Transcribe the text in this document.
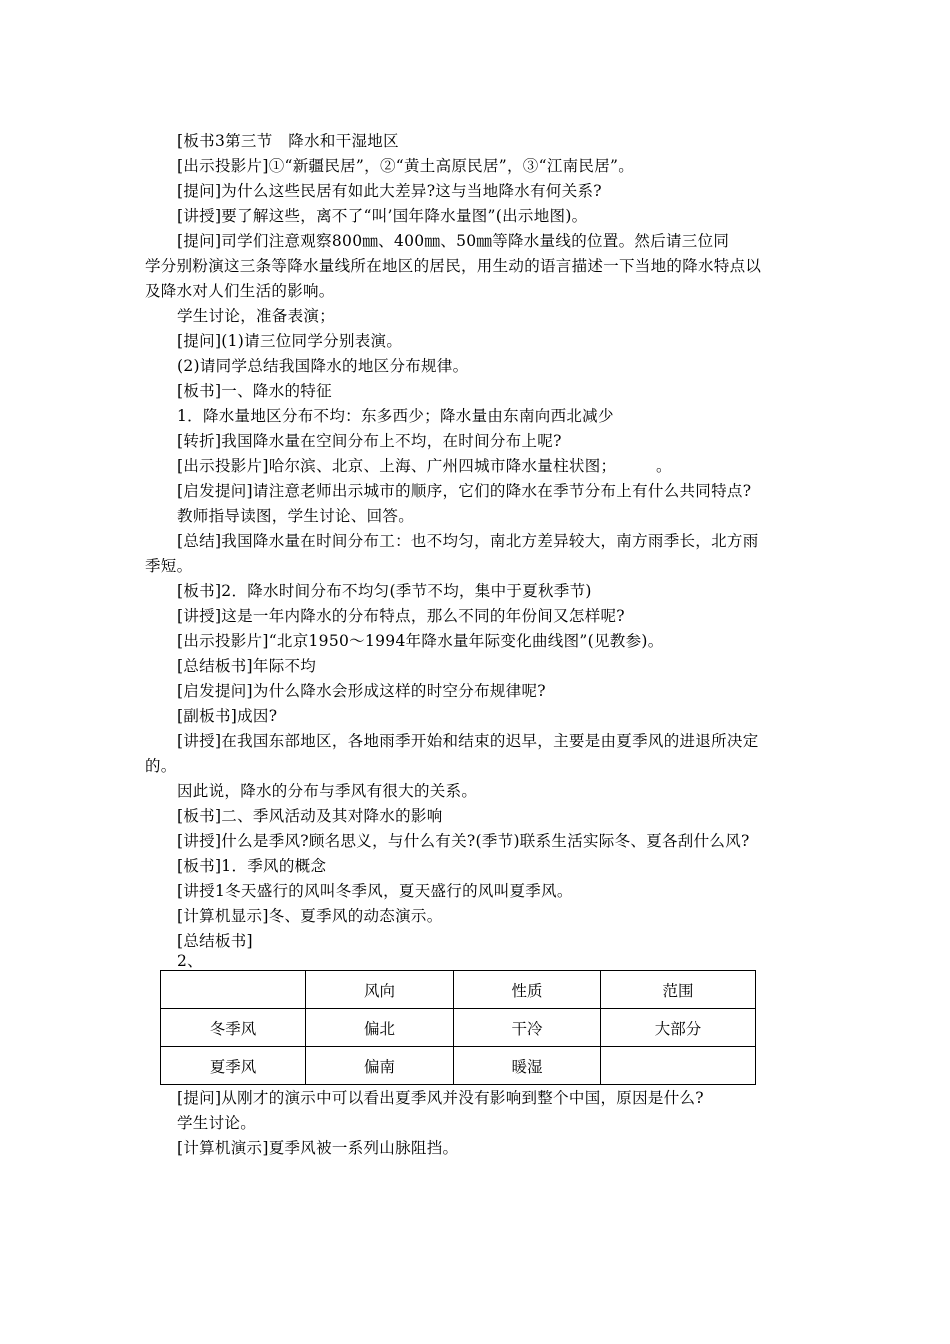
[板书3第三节　降水和干湿地区
[出示投影片]①“新疆民居”，②“黄土高原民居”，③“江南民居”。
[提问]为什么这些民居有如此大差异?这与当地降水有何关系?
[讲授]要了解这些，离不了“叫’国年降水量图”(出示地图)。
[提问]司学们注意观察800㎜、400㎜、50㎜等降水量线的位置。然后请三位同
学分别粉演这三条等降水量线所在地区的居民，用生动的语言描述一下当地的降水特点以
及降水对人们生活的影响。
学生讨论，准备表演；
[提问](1)请三位同学分别表演。
(2)请同学总结我国降水的地区分布规律。
[板书]一、降水的特征
1．降水量地区分布不均：东多西少；降水量由东南向西北减少
[转折]我国降水量在空间分布上不均，在时间分布上呢?
[出示投影片]哈尔滨、北京、上海、广州四城市降水量柱状图；　　　。
[启发提问]请注意老师出示城市的顺序，它们的降水在季节分布上有什么共同特点?
教师指导读图，学生讨论、回答。
[总结]我国降水量在时间分布工：也不均匀，南北方差异较大，南方雨季长，北方雨
季短。
[板书]2．降水时间分布不均匀(季节不均，集中于夏秋季节)
[讲授]这是一年内降水的分布特点，那么不同的年份间又怎样呢?
[出示投影片]“北京1950～1994年降水量年际变化曲线图”(见教参)。
[总结板书]年际不均
[启发提问]为什么降水会形成这样的时空分布规律呢?
[副板书]成因?
[讲授]在我国东部地区，各地雨季开始和结束的迟早，主要是由夏季风的进退所决定
的。
因此说，降水的分布与季风有很大的关系。
[板书]二、季风活动及其对降水的影响
[讲授]什么是季风?顾名思义，与什么有关?(季节)联系生活实际冬、夏各刮什么风?
[板书]1．季风的概念
[讲授1冬天盛行的风叫冬季风，夏天盛行的风叫夏季风。
[计算机显示]冬、夏季风的动态演示。
[总结板书]
2、
	风向	性质	范围
冬季风	偏北	干冷	大部分
夏季风	偏南	暖湿	
[提问]从刚才的演示中可以看出夏季风并没有影响到整个中国，原因是什么?
学生讨论。
[计算机演示]夏季风被一系列山脉阻挡。
